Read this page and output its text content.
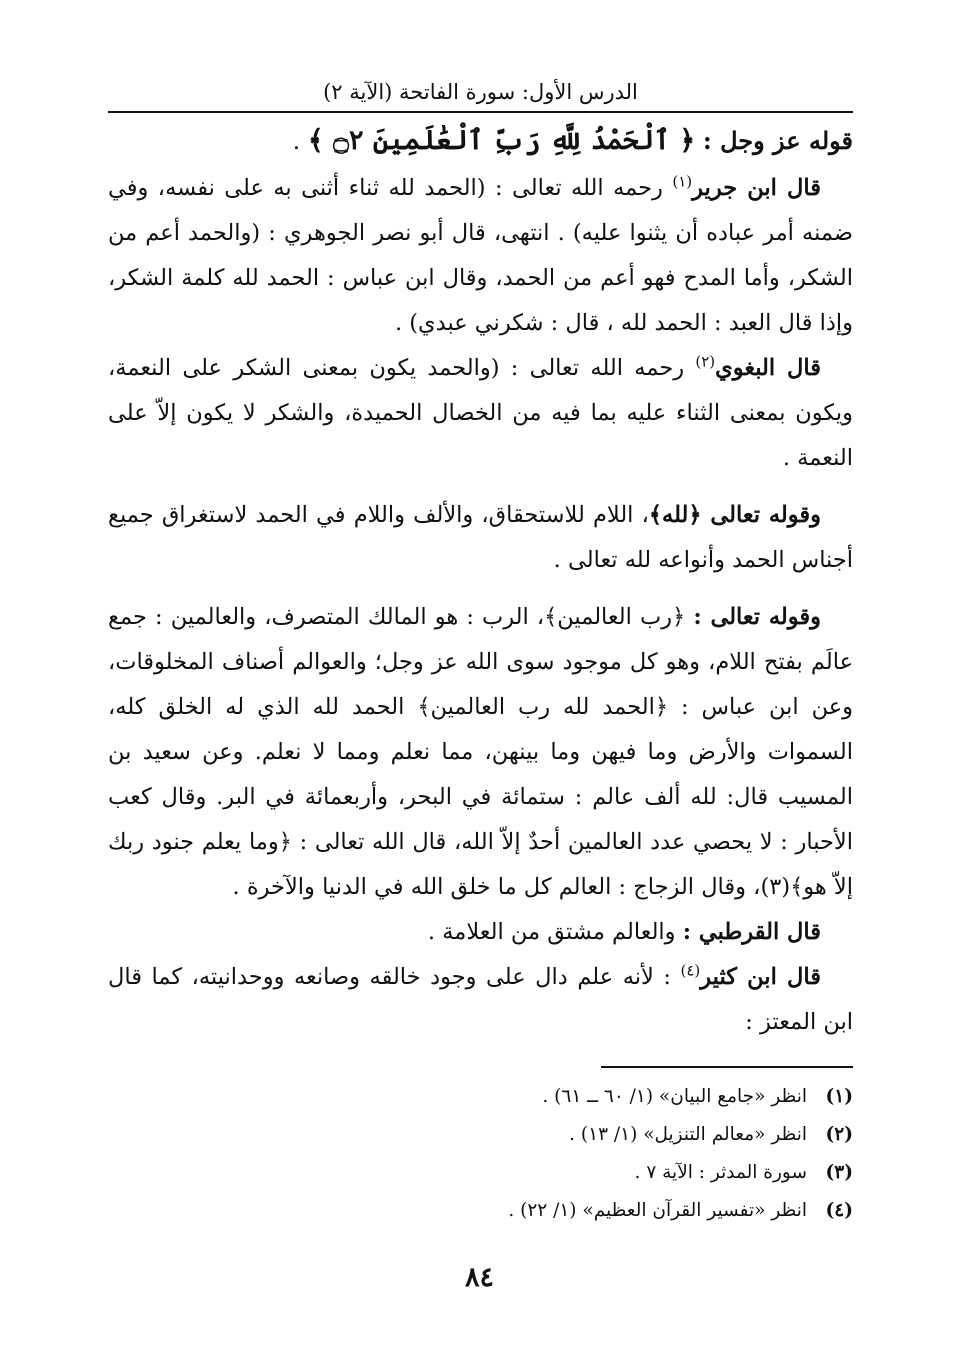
الدرس الأول: سورة الفاتحة (الآية ٢)

قوله عز وجل : ﴿ ٱلْحَمْدُ لِلَّهِ رَبِّ ٱلْعَٰلَمِينَ ۝٢ ﴾ .

قال ابن جرير$^{(١)}$ رحمه الله تعالى : (الحمد لله ثناء أثنى به على نفسه، وفي ضمنه أمر عباده أن يثنوا عليه) . انتهى، قال أبو نصر الجوهري : (والحمد أعم من الشكر، وأما المدح فهو أعم من الحمد، وقال ابن عباس : الحمد لله كلمة الشكر، وإذا قال العبد : الحمد لله ، قال : شكرني عبدي) .

قال البغوي$^{(٢)}$ رحمه الله تعالى : (والحمد يكون بمعنى الشكر على النعمة، ويكون بمعنى الثناء عليه بما فيه من الخصال الحميدة، والشكر لا يكون إلاّ على النعمة .

وقوله تعالى ﴿لله﴾، اللام للاستحقاق، والألف واللام في الحمد لاستغراق جميع أجناس الحمد وأنواعه لله تعالى .

وقوله تعالى : ﴿رب العالمين﴾، الرب : هو المالك المتصرف، والعالمين : جمع عالَم بفتح اللام، وهو كل موجود سوى الله عز وجل؛ والعوالم أصناف المخلوقات، وعن ابن عباس : ﴿الحمد لله رب العالمين﴾ الحمد لله الذي له الخلق كله، السموات والأرض وما فيهن وما بينهن، مما نعلم ومما لا نعلم. وعن سعيد بن المسيب قال: لله ألف عالم : ستمائة في البحر، وأربعمائة في البر. وقال كعب الأحبار : لا يحصي عدد العالمين أحدٌ إلاّ الله، قال الله تعالى : ﴿وما يعلم جنود ربك إلاّ هو﴾(٣)، وقال الزجاج : العالم كل ما خلق الله في الدنيا والآخرة .

قال القرطبي : والعالم مشتق من العلامة .

قال ابن كثير$^{(٤)}$ : لأنه علم دال على وجود خالقه وصانعه ووحدانيته، كما قال ابن المعتز :

(١)انظر «جامع البيان» (١/ ٦٠ ــ ٦١) .

(٢)انظر «معالم التنزيل» (١/ ١٣) .

(٣)سورة المدثر : الآية ٧ .

(٤)انظر «تفسير القرآن العظيم» (١/ ٢٢) .

٨٤
